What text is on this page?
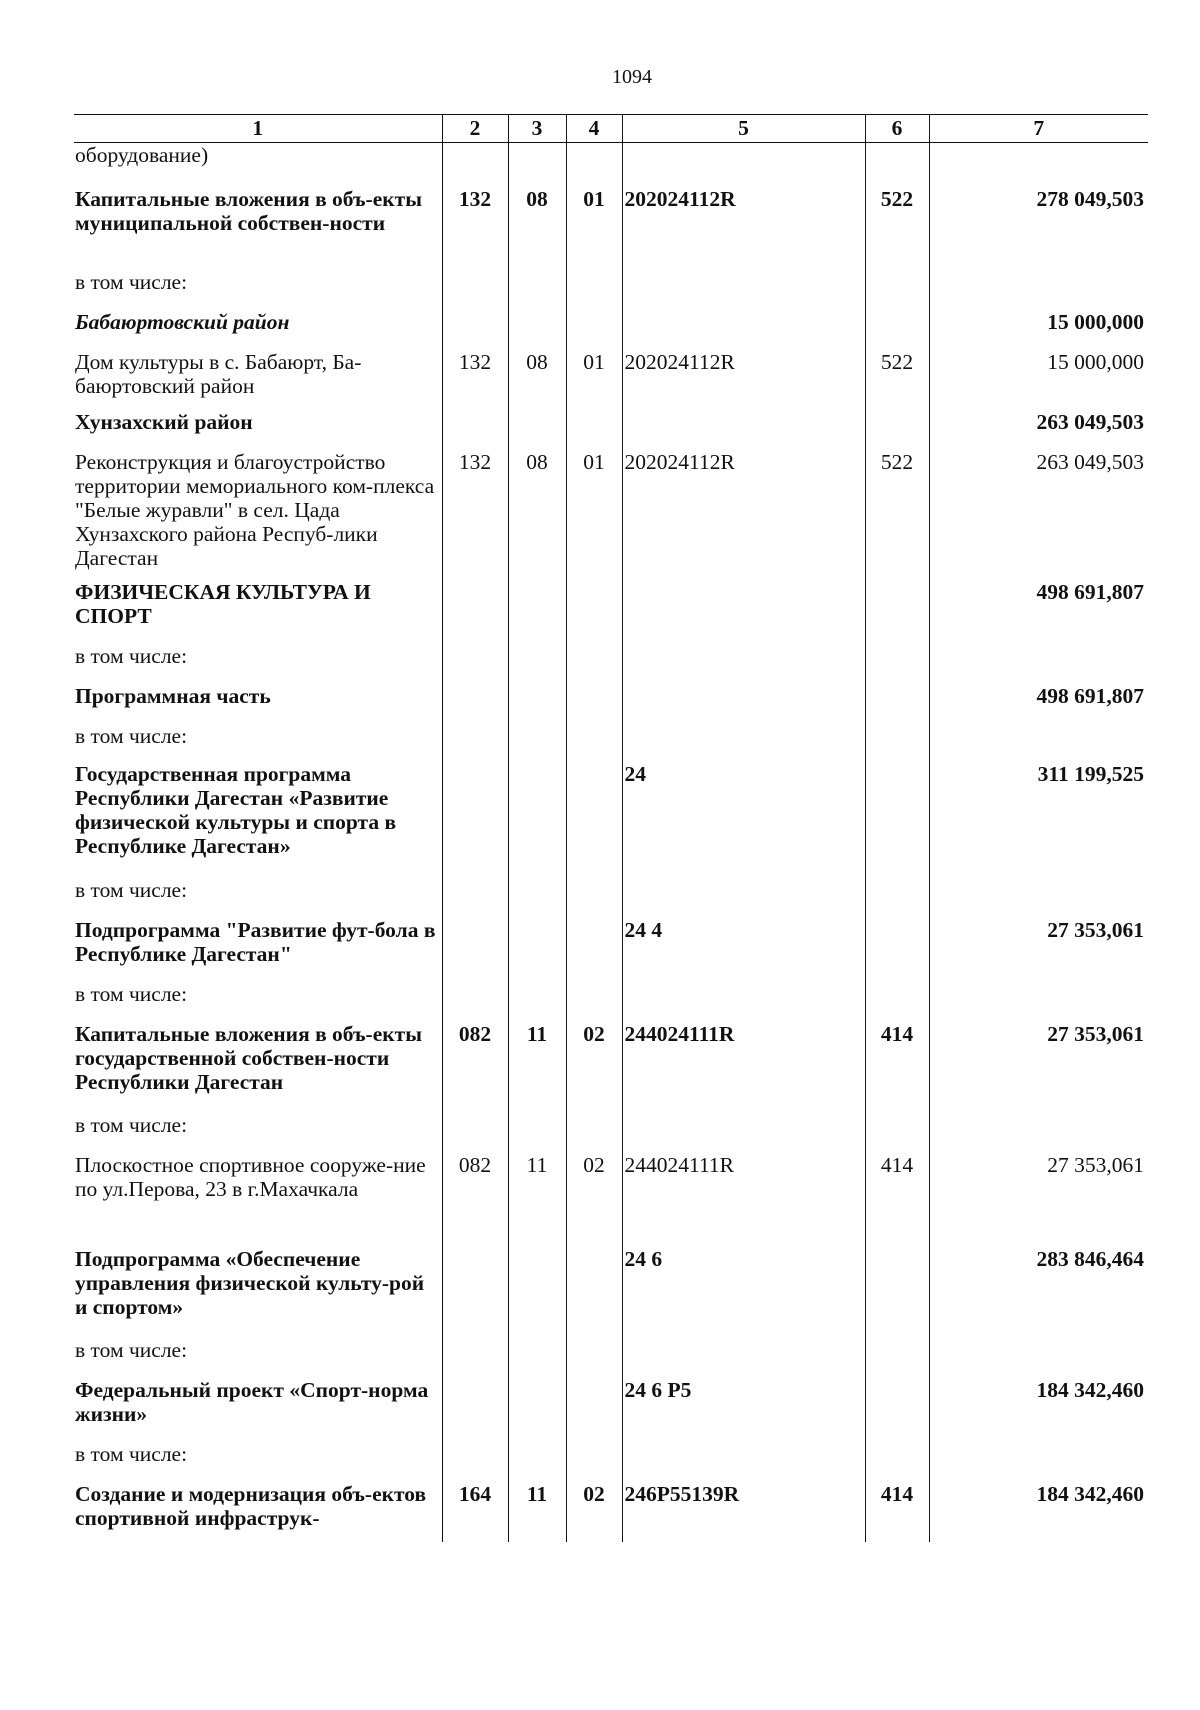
1094
1	2	3	4	5	6	7
оборудование)						
Капитальные вложения в объ-екты муниципальной собствен-ности	132	08	01	202024112R	522	278 049,503
в том числе:						
Бабаюртовский район						15 000,000
Дом культуры в с. Бабаюрт, Ба-баюртовский район	132	08	01	202024112R	522	15 000,000
Хунзахский район						263 049,503
Реконструкция и благоустройство территории мемориального ком-плекса "Белые журавли" в сел. Цада Хунзахского района Респуб-лики Дагестан	132	08	01	202024112R	522	263 049,503
ФИЗИЧЕСКАЯ КУЛЬТУРА И СПОРТ						498 691,807
в том числе:						
Программная часть						498 691,807
в том числе:						
Государственная программа Республики Дагестан «Развитие физической культуры и спорта в Республике Дагестан»				24		311 199,525
в том числе:						
Подпрограмма "Развитие фут-бола в Республике Дагестан"				24 4		27 353,061
в том числе:						
Капитальные вложения в объ-екты государственной собствен-ности Республики Дагестан	082	11	02	244024111R	414	27 353,061
в том числе:						
Плоскостное спортивное сооруже-ние по ул.Перова, 23 в г.Махачкала	082	11	02	244024111R	414	27 353,061
Подпрограмма «Обеспечение управления физической культу-рой и спортом»				24 6		283 846,464
в том числе:						
Федеральный проект «Спорт-норма жизни»				24 6 P5		184 342,460
в том числе:						
Создание и модернизация объ-ектов спортивной инфраструк-	164	11	02	246P55139R	414	184 342,460
